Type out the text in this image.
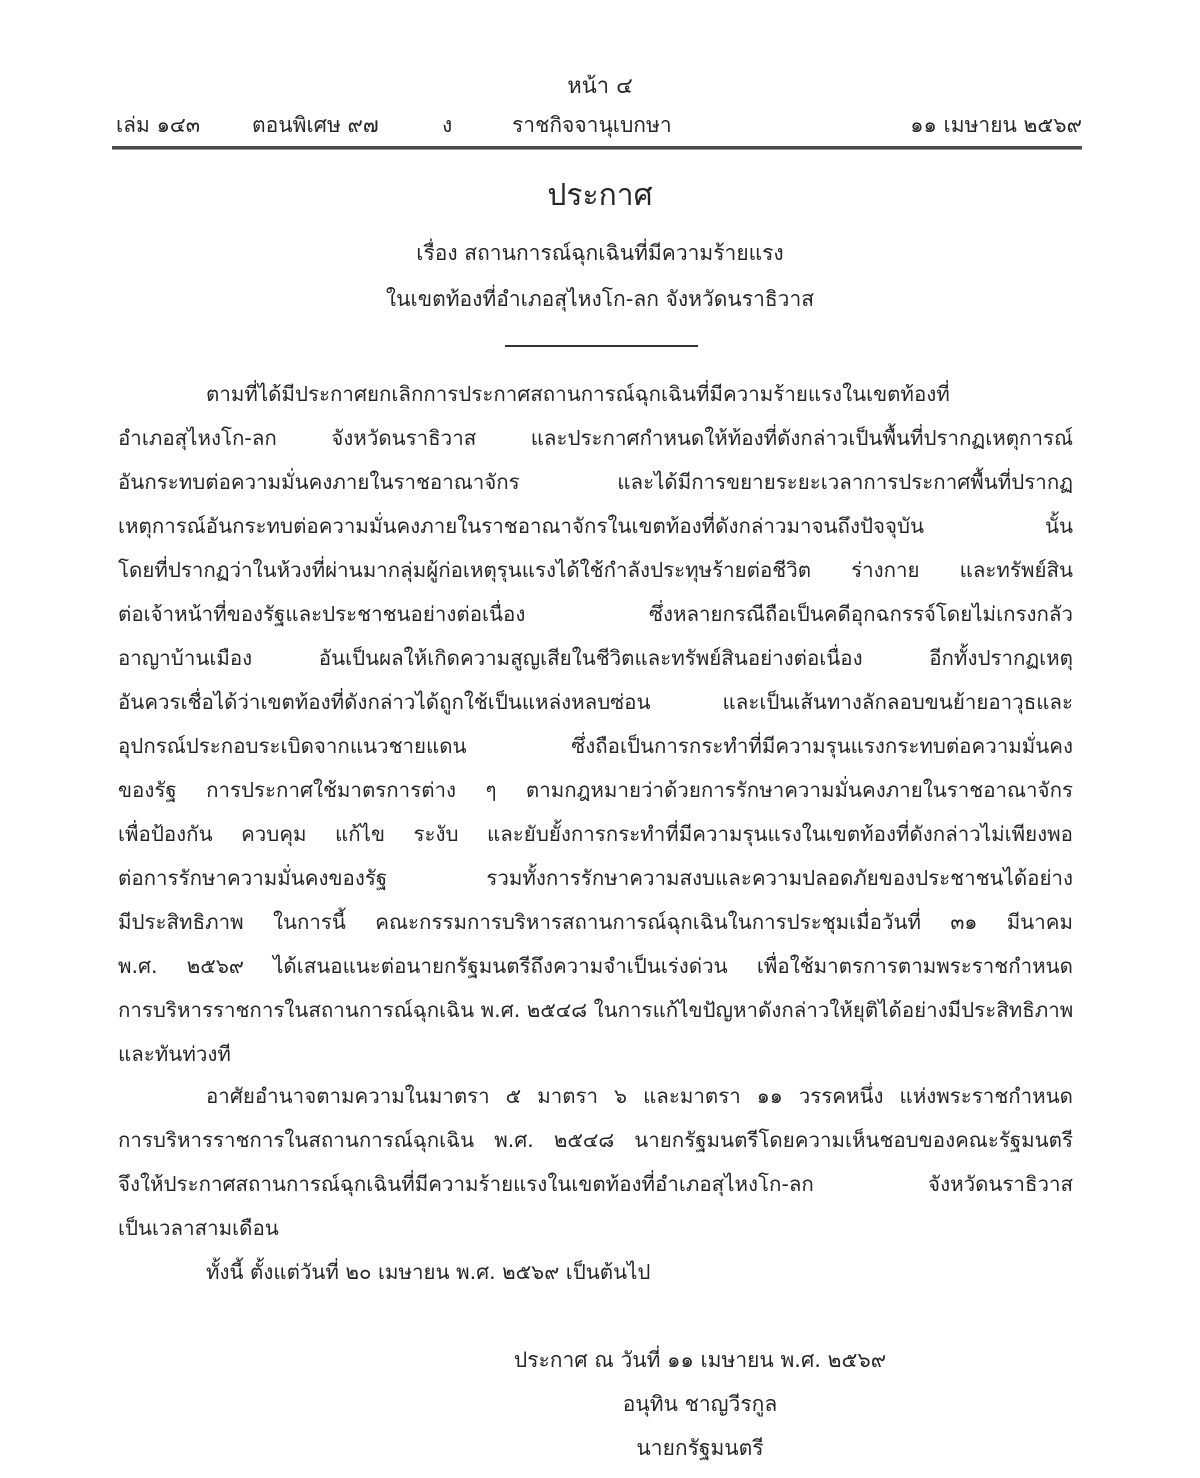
หน้า ๔
เล่ม ๑๔๓ ตอนพิเศษ ๙๗	ง	ราชกิจจานุเบกษา	๑๑ เมษายน ๒๕๖๙
ประกาศ
เรื่อง สถานการณ์ฉุกเฉินที่มีความร้ายแรง
ในเขตท้องที่อำเภอสุไหงโก-ลก จังหวัดนราธิวาส
ตามที่ได้มีประกาศยกเลิกการประกาศสถานการณ์ฉุกเฉินที่มีความร้ายแรงในเขตท้องที่
อำเภอสุไหงโก-ลก จังหวัดนราธิวาส และประกาศกำหนดให้ท้องที่ดังกล่าวเป็นพื้นที่ปรากฏเหตุการณ์
อันกระทบต่อความมั่นคงภายในราชอาณาจักร และได้มีการขยายระยะเวลาการประกาศพื้นที่ปรากฏ
เหตุการณ์อันกระทบต่อความมั่นคงภายในราชอาณาจักรในเขตท้องที่ดังกล่าวมาจนถึงปัจจุบัน นั้น
โดยที่ปรากฏว่าในห้วงที่ผ่านมากลุ่มผู้ก่อเหตุรุนแรงได้ใช้กำลังประทุษร้ายต่อชีวิต ร่างกาย และทรัพย์สิน
ต่อเจ้าหน้าที่ของรัฐและประชาชนอย่างต่อเนื่อง ซึ่งหลายกรณีถือเป็นคดีอุกฉกรรจ์โดยไม่เกรงกลัว
อาญาบ้านเมือง อันเป็นผลให้เกิดความสูญเสียในชีวิตและทรัพย์สินอย่างต่อเนื่อง อีกทั้งปรากฏเหตุ
อันควรเชื่อได้ว่าเขตท้องที่ดังกล่าวได้ถูกใช้เป็นแหล่งหลบซ่อน และเป็นเส้นทางลักลอบขนย้ายอาวุธและ
อุปกรณ์ประกอบระเบิดจากแนวชายแดน ซึ่งถือเป็นการกระทำที่มีความรุนแรงกระทบต่อความมั่นคง
ของรัฐ การประกาศใช้มาตรการต่าง ๆ ตามกฎหมายว่าด้วยการรักษาความมั่นคงภายในราชอาณาจักร
เพื่อป้องกัน ควบคุม แก้ไข ระงับ และยับยั้งการกระทำที่มีความรุนแรงในเขตท้องที่ดังกล่าวไม่เพียงพอ
ต่อการรักษาความมั่นคงของรัฐ รวมทั้งการรักษาความสงบและความปลอดภัยของประชาชนได้อย่าง
มีประสิทธิภาพ ในการนี้ คณะกรรมการบริหารสถานการณ์ฉุกเฉินในการประชุมเมื่อวันที่ ๓๑ มีนาคม
พ.ศ. ๒๕๖๙ ได้เสนอแนะต่อนายกรัฐมนตรีถึงความจำเป็นเร่งด่วน เพื่อใช้มาตรการตามพระราชกำหนด
การบริหารราชการในสถานการณ์ฉุกเฉิน พ.ศ. ๒๕๔๘ ในการแก้ไขปัญหาดังกล่าวให้ยุติได้อย่างมีประสิทธิภาพ
และทันท่วงที
อาศัยอำนาจตามความในมาตรา ๕ มาตรา ๖ และมาตรา ๑๑ วรรคหนึ่ง แห่งพระราชกำหนด
การบริหารราชการในสถานการณ์ฉุกเฉิน พ.ศ. ๒๕๔๘ นายกรัฐมนตรีโดยความเห็นชอบของคณะรัฐมนตรี
จึงให้ประกาศสถานการณ์ฉุกเฉินที่มีความร้ายแรงในเขตท้องที่อำเภอสุไหงโก-ลก จังหวัดนราธิวาส
เป็นเวลาสามเดือน
ทั้งนี้ ตั้งแต่วันที่ ๒๐ เมษายน พ.ศ. ๒๕๖๙ เป็นต้นไป
ประกาศ ณ วันที่ ๑๑ เมษายน พ.ศ. ๒๕๖๙
อนุทิน ชาญวีรกูล
นายกรัฐมนตรี
